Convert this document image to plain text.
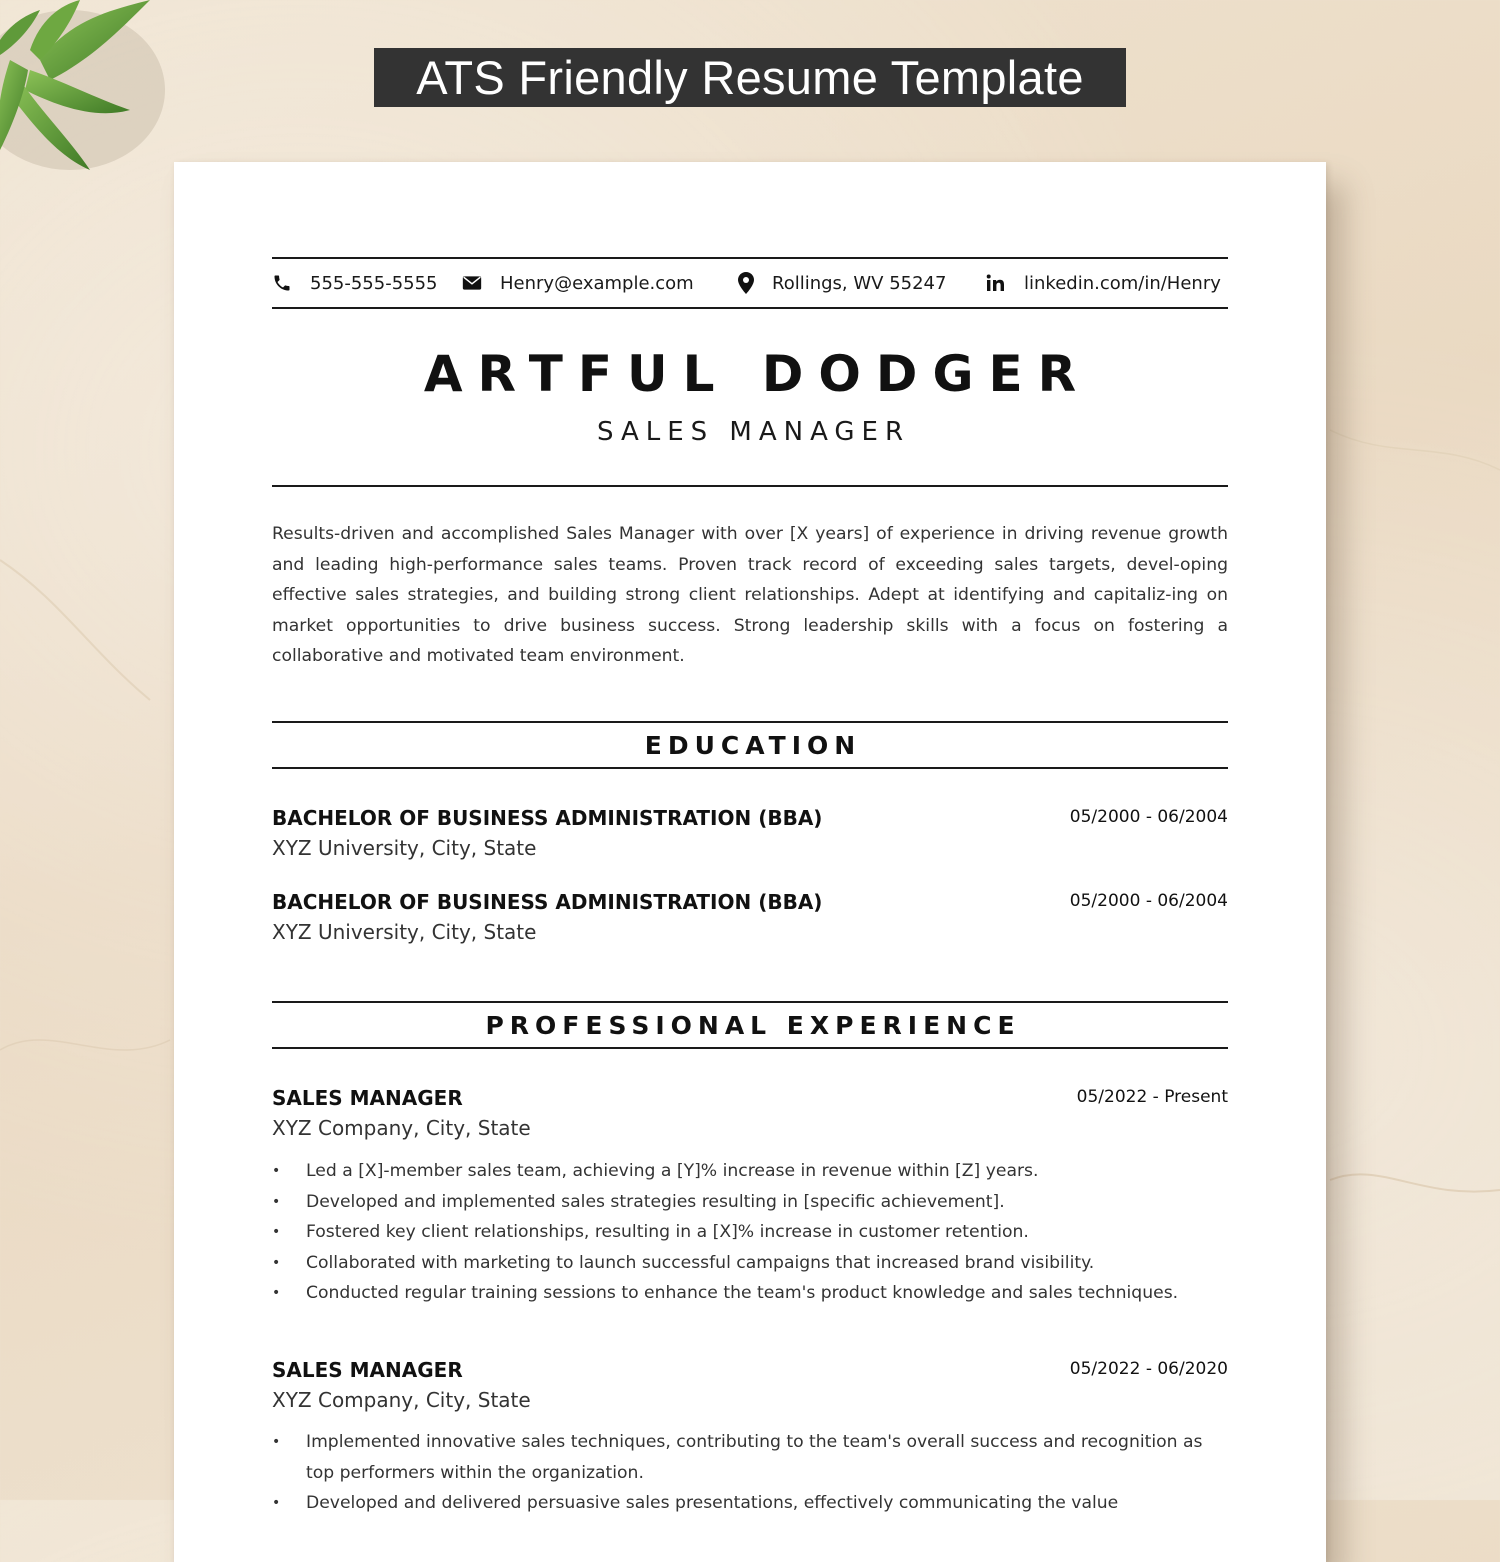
ATS Friendly Resume Template
555-555-5555	Henry@example.com	Rollings, WV 55247	linkedin.com/in/Henry
ARTFUL DODGER
SALES MANAGER

Results-driven and accomplished Sales Manager with over [X years] of experience in driving revenue growth and leading high-performance sales teams. Proven track record of exceeding sales targets, devel-oping effective sales strategies, and building strong client relationships. Adept at identifying and capitaliz-ing on market opportunities to drive business success. Strong leadership skills with a focus on fostering a collaborative and motivated team environment.

EDUCATION
BACHELOR OF BUSINESS ADMINISTRATION (BBA)	05/2000 - 06/2004
XYZ University, City, State
BACHELOR OF BUSINESS ADMINISTRATION (BBA)	05/2000 - 06/2004
XYZ University, City, State
PROFESSIONAL EXPERIENCE
SALES MANAGER	05/2022 - Present
XYZ Company, City, State
• Led a [X]-member sales team, achieving a [Y]% increase in revenue within [Z] years.
• Developed and implemented sales strategies resulting in [specific achievement].
• Fostered key client relationships, resulting in a [X]% increase in customer retention.
• Collaborated with marketing to launch successful campaigns that increased brand visibility.
• Conducted regular training sessions to enhance the team's product knowledge and sales techniques.
SALES MANAGER	05/2022 - 06/2020
XYZ Company, City, State
• Implemented innovative sales techniques, contributing to the team's overall success and recognition as top performers within the organization.
• Developed and delivered persuasive sales presentations, effectively communicating the value
